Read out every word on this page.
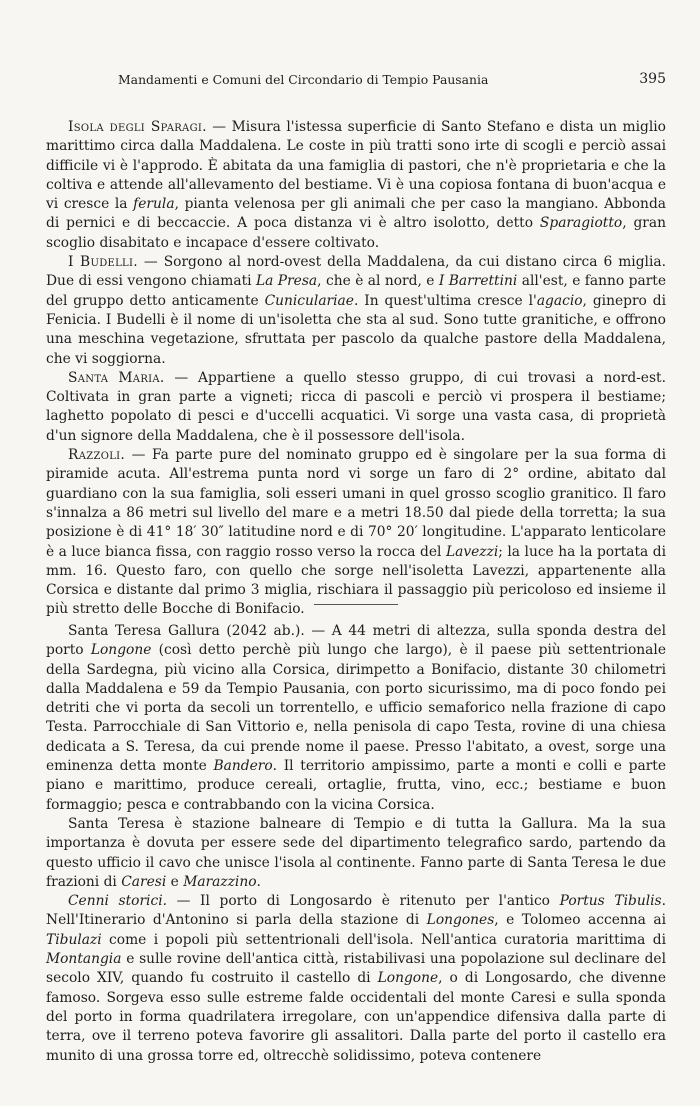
Mandamenti e Comuni del Circondario di Tempio Pausania	395

Isola degli Sparagi. — Misura l'istessa superficie di Santo Stefano e dista un miglio marittimo circa dalla Maddalena. Le coste in più tratti sono irte di scogli e perciò assai difficile vi è l'approdo. È abitata da una famiglia di pastori, che n'è proprietaria e che la coltiva e attende all'allevamento del bestiame. Vi è una copiosa fontana di buon'acqua e vi cresce la ferula, pianta velenosa per gli animali che per caso la mangiano. Abbonda di pernici e di beccaccie. A poca distanza vi è altro isolotto, detto Sparagiotto, gran scoglio disabitato e incapace d'essere coltivato.

I Budelli. — Sorgono al nord-ovest della Maddalena, da cui distano circa 6 miglia. Due di essi vengono chiamati La Presa, che è al nord, e I Barrettini all'est, e fanno parte del gruppo detto anticamente Cuniculariae. In quest'ultima cresce l'agacio, ginepro di Fenicia. I Budelli è il nome di un'isoletta che sta al sud. Sono tutte granitiche, e offrono una meschina vegetazione, sfruttata per pascolo da qualche pastore della Maddalena, che vi soggiorna.

Santa Maria. — Appartiene a quello stesso gruppo, di cui trovasi a nord-est. Coltivata in gran parte a vigneti; ricca di pascoli e perciò vi prospera il bestiame; laghetto popolato di pesci e d'uccelli acquatici. Vi sorge una vasta casa, di proprietà d'un signore della Maddalena, che è il possessore dell'isola.

Razzoli. — Fa parte pure del nominato gruppo ed è singolare per la sua forma di piramide acuta. All'estrema punta nord vi sorge un faro di 2° ordine, abitato dal guardiano con la sua famiglia, soli esseri umani in quel grosso scoglio granitico. Il faro s'innalza a 86 metri sul livello del mare e a metri 18.50 dal piede della torretta; la sua posizione è di 41° 18′ 30″ latitudine nord e di 70° 20′ longitudine. L'apparato lenticolare è a luce bianca fissa, con raggio rosso verso la rocca del Lavezzi; la luce ha la portata di mm. 16. Questo faro, con quello che sorge nell'isoletta Lavezzi, appartenente alla Corsica e distante dal primo 3 miglia, rischiara il passaggio più pericoloso ed insieme il più stretto delle Bocche di Bonifacio.

Santa Teresa Gallura (2042 ab.). — A 44 metri di altezza, sulla sponda destra del porto Longone (così detto perchè più lungo che largo), è il paese più settentrionale della Sardegna, più vicino alla Corsica, dirimpetto a Bonifacio, distante 30 chilometri dalla Maddalena e 59 da Tempio Pausania, con porto sicurissimo, ma di poco fondo pei detriti che vi porta da secoli un torrentello, e ufficio semaforico nella frazione di capo Testa. Parrocchiale di San Vittorio e, nella penisola di capo Testa, rovine di una chiesa dedicata a S. Teresa, da cui prende nome il paese. Presso l'abitato, a ovest, sorge una eminenza detta monte Bandero. Il territorio ampissimo, parte a monti e colli e parte piano e marittimo, produce cereali, ortaglie, frutta, vino, ecc.; bestiame e buon formaggio; pesca e contrabbando con la vicina Corsica.

Santa Teresa è stazione balneare di Tempio e di tutta la Gallura. Ma la sua importanza è dovuta per essere sede del dipartimento telegrafico sardo, partendo da questo ufficio il cavo che unisce l'isola al continente. Fanno parte di Santa Teresa le due frazioni di Caresi e Marazzino.

Cenni storici. — Il porto di Longosardo è ritenuto per l'antico Portus Tibulis. Nell'Itinerario d'Antonino si parla della stazione di Longones, e Tolomeo accenna ai Tibulazi come i popoli più settentrionali dell'isola. Nell'antica curatoria marittima di Montangia e sulle rovine dell'antica città, ristabilivasi una popolazione sul declinare del secolo XIV, quando fu costruito il castello di Longone, o di Longosardo, che divenne famoso. Sorgeva esso sulle estreme falde occidentali del monte Caresi e sulla sponda del porto in forma quadrilatera irregolare, con un'appendice difensiva dalla parte di terra, ove il terreno poteva favorire gli assalitori. Dalla parte del porto il castello era munito di una grossa torre ed, oltrecchè solidissimo, poteva contenere
